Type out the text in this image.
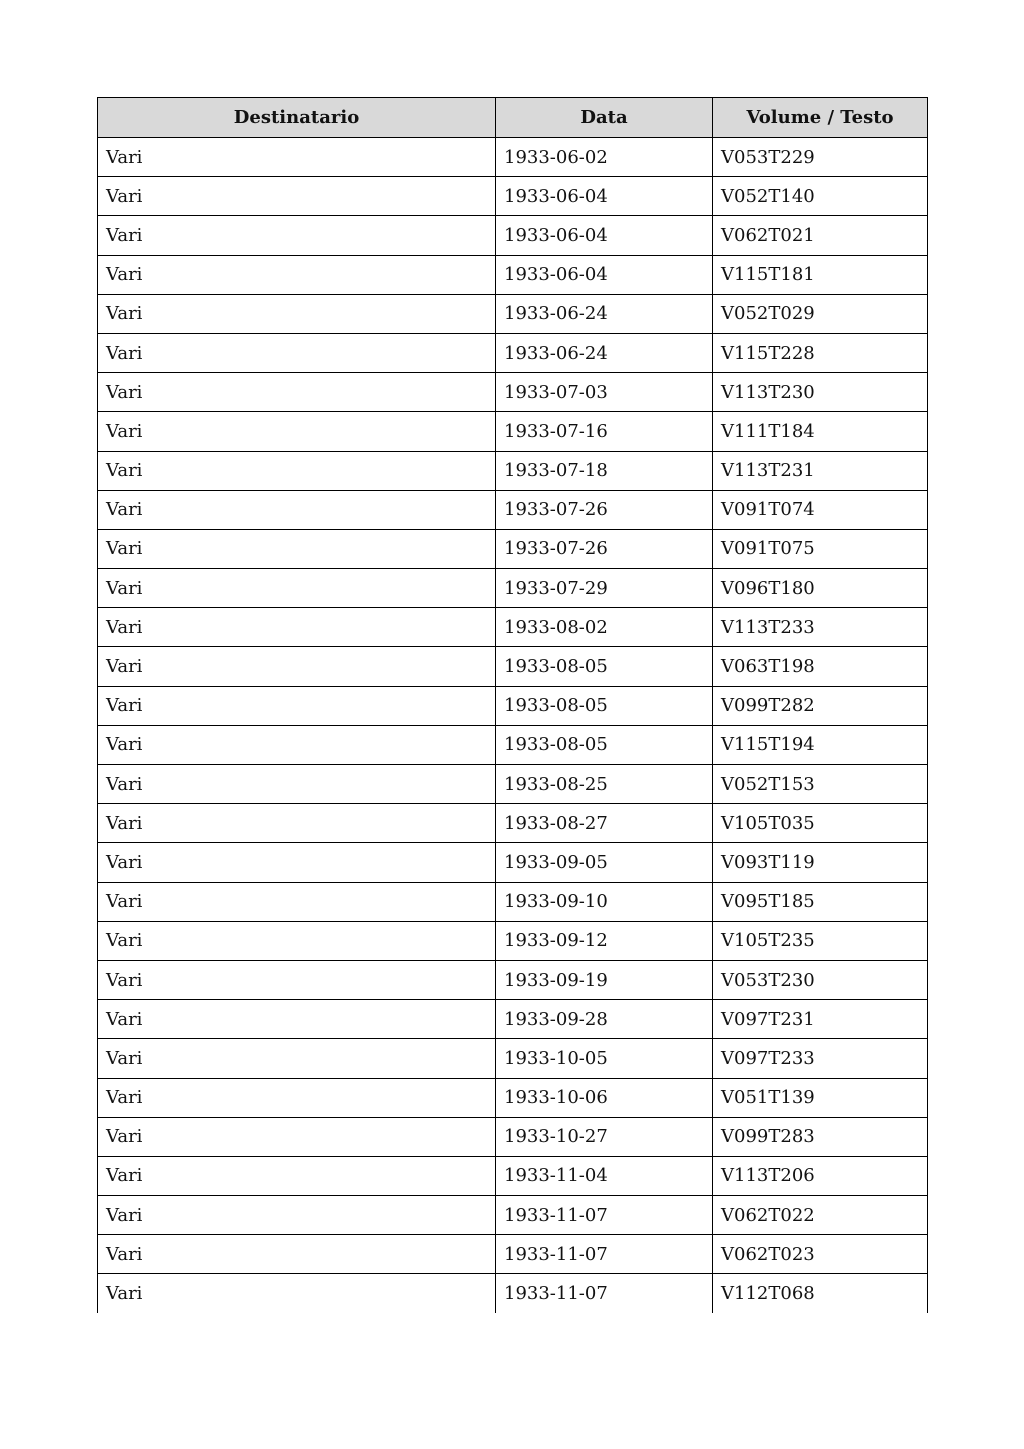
Destinatario	Data	Volume / Testo
Vari	1933-06-02	V053T229
Vari	1933-06-04	V052T140
Vari	1933-06-04	V062T021
Vari	1933-06-04	V115T181
Vari	1933-06-24	V052T029
Vari	1933-06-24	V115T228
Vari	1933-07-03	V113T230
Vari	1933-07-16	V111T184
Vari	1933-07-18	V113T231
Vari	1933-07-26	V091T074
Vari	1933-07-26	V091T075
Vari	1933-07-29	V096T180
Vari	1933-08-02	V113T233
Vari	1933-08-05	V063T198
Vari	1933-08-05	V099T282
Vari	1933-08-05	V115T194
Vari	1933-08-25	V052T153
Vari	1933-08-27	V105T035
Vari	1933-09-05	V093T119
Vari	1933-09-10	V095T185
Vari	1933-09-12	V105T235
Vari	1933-09-19	V053T230
Vari	1933-09-28	V097T231
Vari	1933-10-05	V097T233
Vari	1933-10-06	V051T139
Vari	1933-10-27	V099T283
Vari	1933-11-04	V113T206
Vari	1933-11-07	V062T022
Vari	1933-11-07	V062T023
Vari	1933-11-07	V112T068
